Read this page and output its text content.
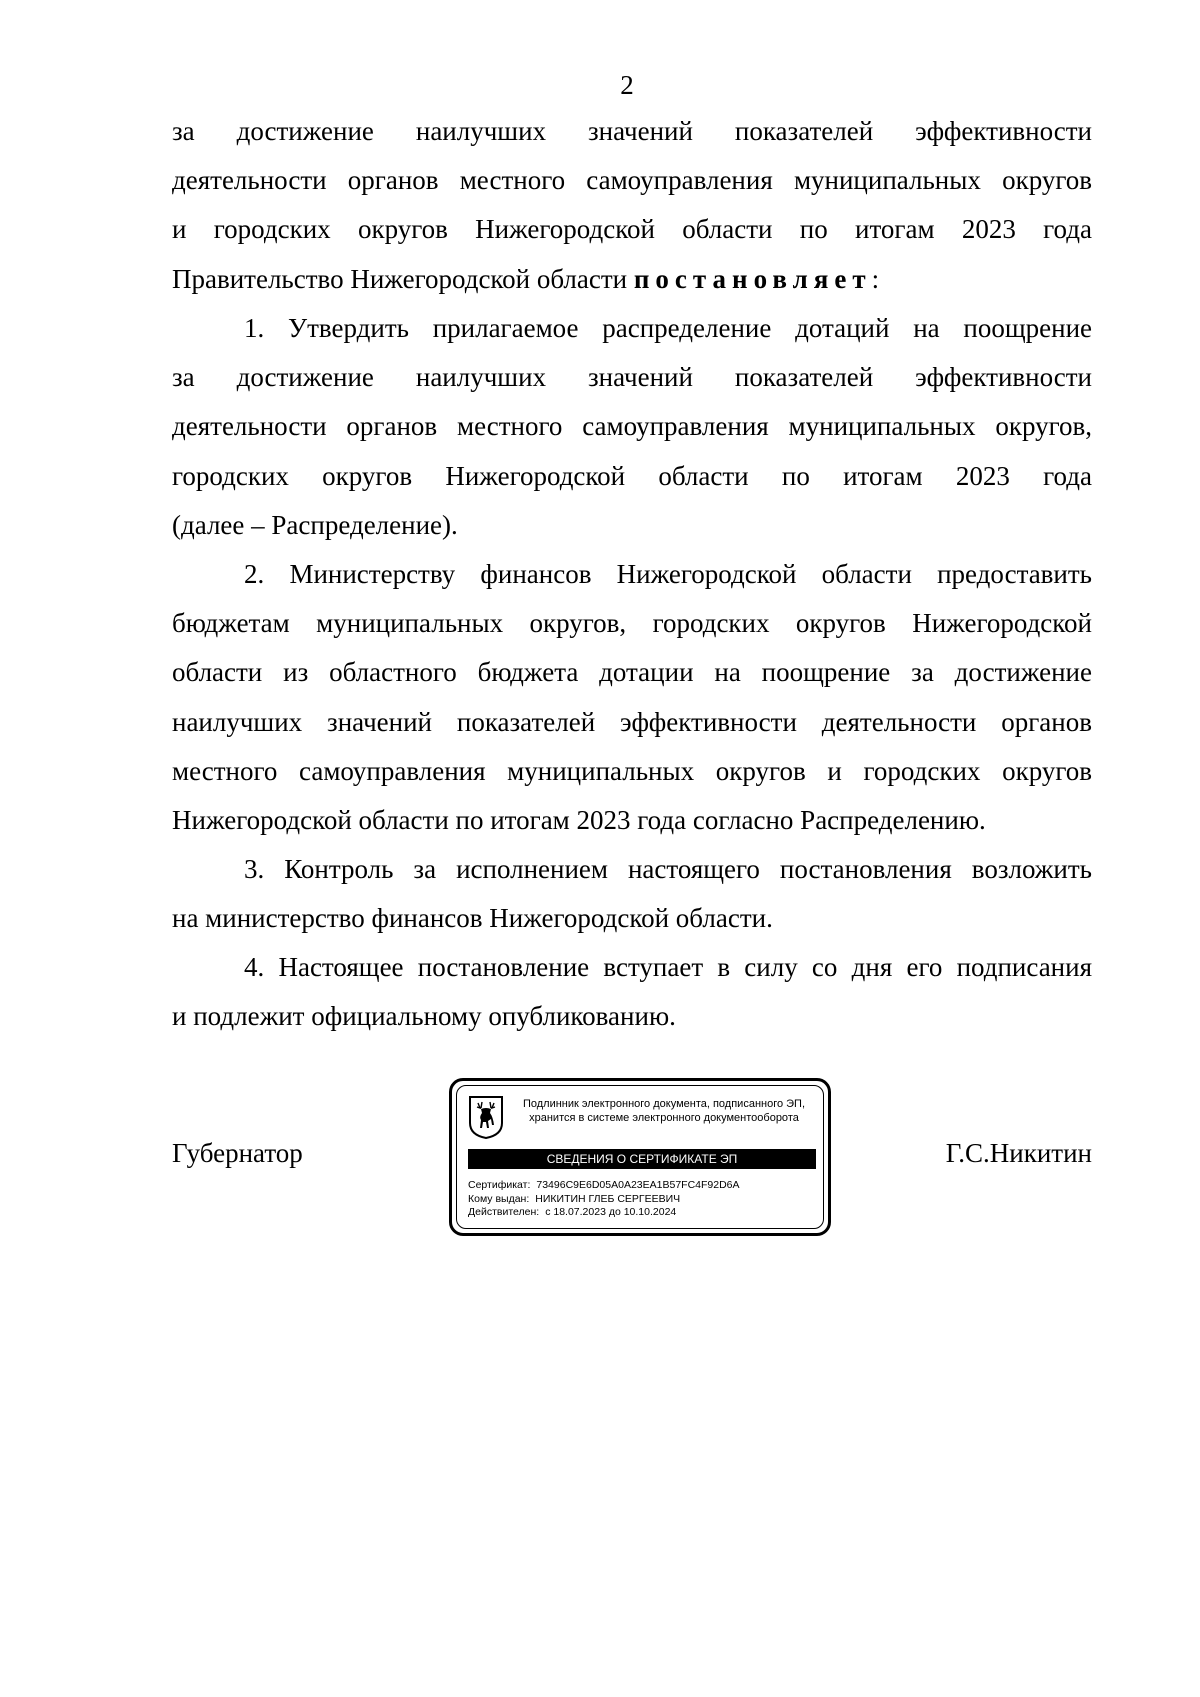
2

за достижение наилучших значений показателей эффективности
деятельности органов местного самоуправления муниципальных округов
и городских округов Нижегородской области по итогам 2023 года
Правительство Нижегородской области постановляет:

1. Утвердить прилагаемое распределение дотаций на поощрение
за достижение наилучших значений показателей эффективности
деятельности органов местного самоуправления муниципальных округов,
городских округов Нижегородской области по итогам 2023 года
(далее – Распределение).

2. Министерству финансов Нижегородской области предоставить
бюджетам муниципальных округов, городских округов Нижегородской
области из областного бюджета дотации на поощрение за достижение
наилучших значений показателей эффективности деятельности органов
местного самоуправления муниципальных округов и городских округов
Нижегородской области по итогам 2023 года согласно Распределению.

3. Контроль за исполнением настоящего постановления возложить
на министерство финансов Нижегородской области.

4. Настоящее постановление вступает в силу со дня его подписания
и подлежит официальному опубликованию.

Губернатор
Подлинник электронного документа, подписанного ЭП,
хранится в системе электронного документооборота
СВЕДЕНИЯ О СЕРТИФИКАТЕ ЭП
Сертификат: 73496C9E6D05A0A23EA1B57FC4F92D6A
Кому выдан: НИКИТИН ГЛЕБ СЕРГЕЕВИЧ
Действителен: с 18.07.2023 до 10.10.2024
Г.С.Никитин
